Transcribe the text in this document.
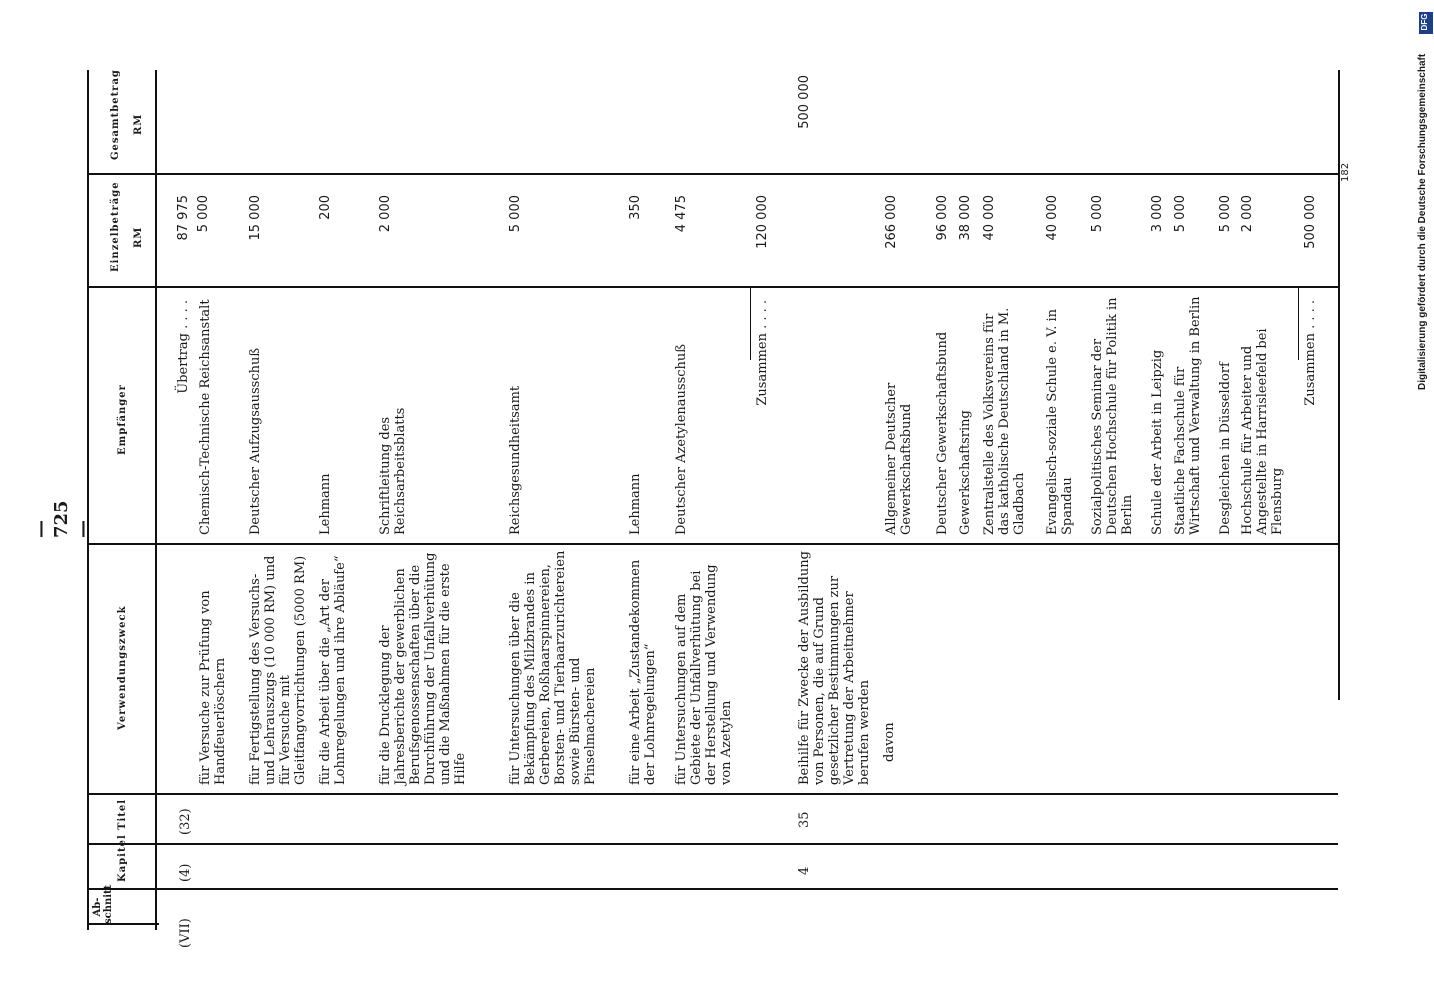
— 725 —
Ab-
schnitt
Kapitel
Titel
Verwendungszweck
Empfänger
Einzelbeträge RM
Gesamtbetrag RM
(VII)
(4)
(32)
Übertrag . . . .
87 975
für Versuche zur Prüfung von Handfeuerlöschern
Chemisch-Technische Reichsanstalt
5 000
für Fertigstellung des Versuchs- und Lehrauszugs (10 000 RM) und für Versuche mit Gleitfangvorrichtungen (5000 RM)
Deutscher Aufzugsausschuß
15 000
für die Arbeit über die „Art der Lohnregelungen und ihre Abläufe“
Lehmann
200
für die Drucklegung der Jahresberichte der gewerblichen Berufsgenossenschaften über die Durchführung der Unfallverhütung und die Maßnahmen für die erste Hilfe
Schriftleitung des Reichsarbeitsblatts
2 000
für Untersuchungen über die Bekämpfung des Milzbrandes in Gerbereien, Roßhaarspinnereien, Borsten- und Tierhaarzurichtereien sowie Bürsten- und Pinselmachereien
Reichsgesundheitsamt
5 000
für eine Arbeit „Zustandekommen der Lohnregelungen“
Lehmann
350
für Untersuchungen auf dem Gebiete der Unfallverhütung bei der Herstellung und Verwendung von Azetylen
Deutscher Azetylenausschuß
4 475
Zusammen . . . .
120 000
4
35
Beihilfe für Zwecke der Ausbildung von Personen, die auf Grund gesetzlicher Bestimmungen zur Vertretung der Arbeitnehmer berufen werden davon
500 000
Allgemeiner Deutscher Gewerkschaftsbund
266 000
Deutscher Gewerkschaftsbund
96 000
Gewerkschaftsring
38 000
Zentralstelle des Volksvereins für das katholische Deutschland in M. Gladbach
40 000
Evangelisch-soziale Schule e. V. in Spandau
40 000
Sozialpolitisches Seminar der Deutschen Hochschule für Politik in Berlin
5 000
Schule der Arbeit in Leipzig
3 000
Staatliche Fachschule für Wirtschaft und Verwaltung in Berlin
5 000
Desgleichen in Düsseldorf
5 000
Hochschule für Arbeiter und Angestellte in Harrisleefeld bei Flensburg
2 000
Zusammen . . . .
500 000
182
DFG
Digitalisierung gefördert durch die Deutsche Forschungsgemeinschaft
